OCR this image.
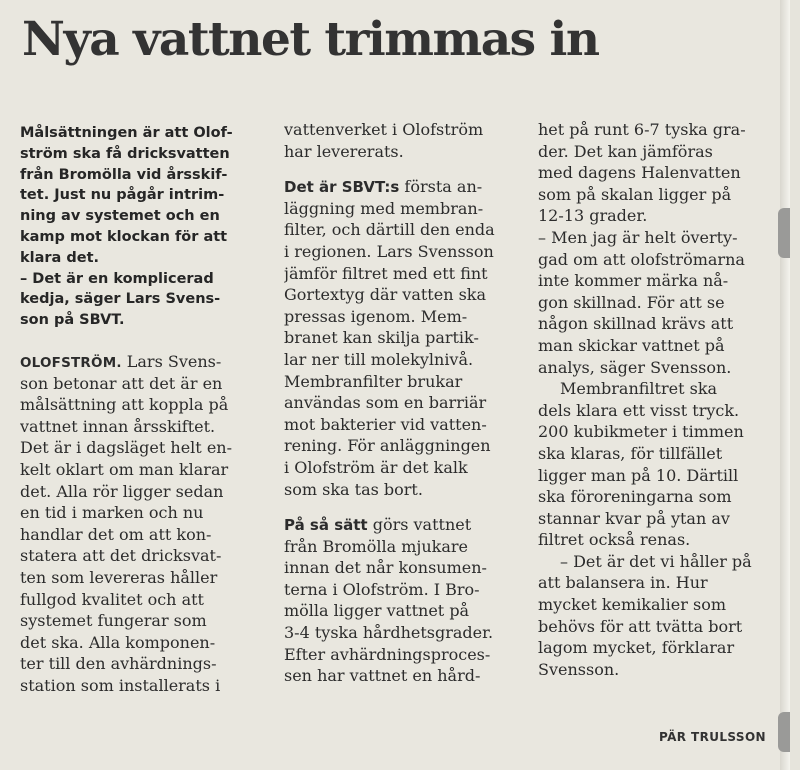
Nya vattnet trimmas in
Målsättningen är att Olof-
ström ska få dricksvatten
från Bromölla vid årsskif-
tet. Just nu pågår intrim-
ning av systemet och en
kamp mot klockan för att
klara det.
– Det är en komplicerad
kedja, säger Lars Svens-
son på SBVT.
OLOFSTRÖM. Lars Svens-
son betonar att det är en
målsättning att koppla på
vattnet innan årsskiftet.
Det är i dagsläget helt en-
kelt oklart om man klarar
det. Alla rör ligger sedan
en tid i marken och nu
handlar det om att kon-
statera att det dricksvat-
ten som levereras håller
fullgod kvalitet och att
systemet fungerar som
det ska. Alla komponen-
ter till den avhärdnings-
station som installerats i
vattenverket i Olofström
har levererats.
Det är SBVT:s första an-
läggning med membran-
filter, och därtill den enda
i regionen. Lars Svensson
jämför filtret med ett fint
Gortextyg där vatten ska
pressas igenom. Mem-
branet kan skilja partik-
lar ner till molekylnivå.
Membranfilter brukar
användas som en barriär
mot bakterier vid vatten-
rening. För anläggningen
i Olofström är det kalk
som ska tas bort.
På så sätt görs vattnet
från Bromölla mjukare
innan det når konsumen-
terna i Olofström. I Bro-
mölla ligger vattnet på
3-4 tyska hårdhetsgrader.
Efter avhärdningsproces-
sen har vattnet en hård-
het på runt 6-7 tyska gra-
der. Det kan jämföras
med dagens Halenvatten
som på skalan ligger på
12-13 grader.
– Men jag är helt överty-
gad om att olofströmarna
inte kommer märka nå-
gon skillnad. För att se
någon skillnad krävs att
man skickar vattnet på
analys, säger Svensson.
Membranfiltret ska
dels klara ett visst tryck.
200 kubikmeter i timmen
ska klaras, för tillfället
ligger man på 10. Därtill
ska föroreningarna som
stannar kvar på ytan av
filtret också renas.
– Det är det vi håller på
att balansera in. Hur
mycket kemikalier som
behövs för att tvätta bort
lagom mycket, förklarar
Svensson.
PÄR TRULSSON
